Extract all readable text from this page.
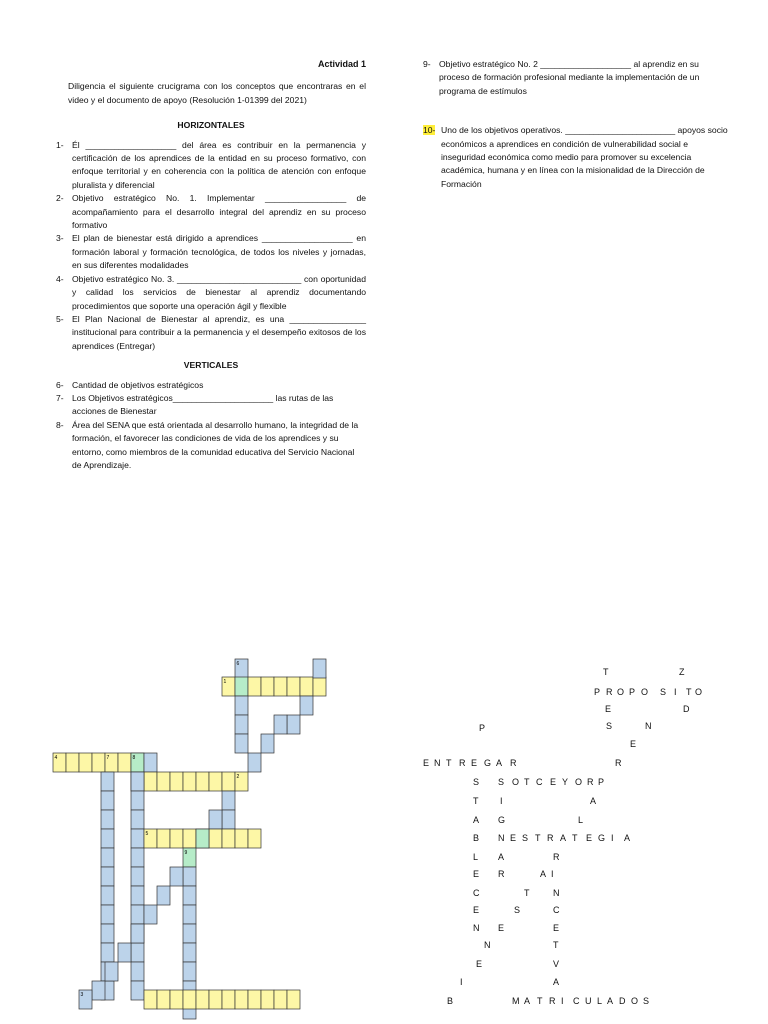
Actividad 1
Diligencia el siguiente crucigrama con los conceptos que encontraras en el video y el documento de apoyo (Resolución 1-01399 del 2021)
HORIZONTALES
1- Él ___________________ del área es contribuir en la permanencia y certificación de los aprendices de la entidad en su proceso formativo, con enfoque territorial y en coherencia con la política de atención con enfoque pluralista y diferencial
2- Objetivo estratégico No. 1. Implementar _________________ de acompañamiento para el desarrollo integral del aprendiz en su proceso formativo
3- El plan de bienestar está dirigido a aprendices ___________________ en formación laboral y formación tecnológica, de todos los niveles y jornadas, en sus diferentes modalidades
4- Objetivo estratégico No. 3. __________________________ con oportunidad y calidad los servicios de bienestar al aprendiz documentando procedimientos que soporte una operación ágil y flexible
5- El Plan Nacional de Bienestar al aprendiz, es una ________________ institucional para contribuir a la permanencia y el desempeño exitosos de los aprendices (Entregar)
VERTICALES
6- Cantidad de objetivos estratégicos
7- Los Objetivos estratégicos_____________________ las rutas de las acciones de Bienestar
8- Área del SENA que está orientada al desarrollo humano, la integridad de la formación, el favorecer las condiciones de vida de los aprendices y su entorno, como miembros de la comunidad educativa del Servicio Nacional de Aprendizaje.
9- Objetivo estratégico No. 2 ___________________ al aprendiz en su proceso de formación profesional mediante la implementación de un programa de estímulos
10- Uno de los objetivos operativos. _______________________ apoyos socio económicos a aprendices en condición de vulnerabilidad social e inseguridad económica como medio para promover su excelencia académica, humana y en línea con la misionalidad de la Dirección de Formación
6
1
4	7	8
2
5
9
3
T	Z
P R O P O S I T O
E	D
P	S	N
E
E N T R E G A R	R
S S O T C E Y O R P
T I	A
A G	L
B N E S T R A T E G I A
L A	R
E R	A I
C	T	N
E	S	C
N E	E
N	T
E	V
I	A
B	M A T R I C U L A D O S
